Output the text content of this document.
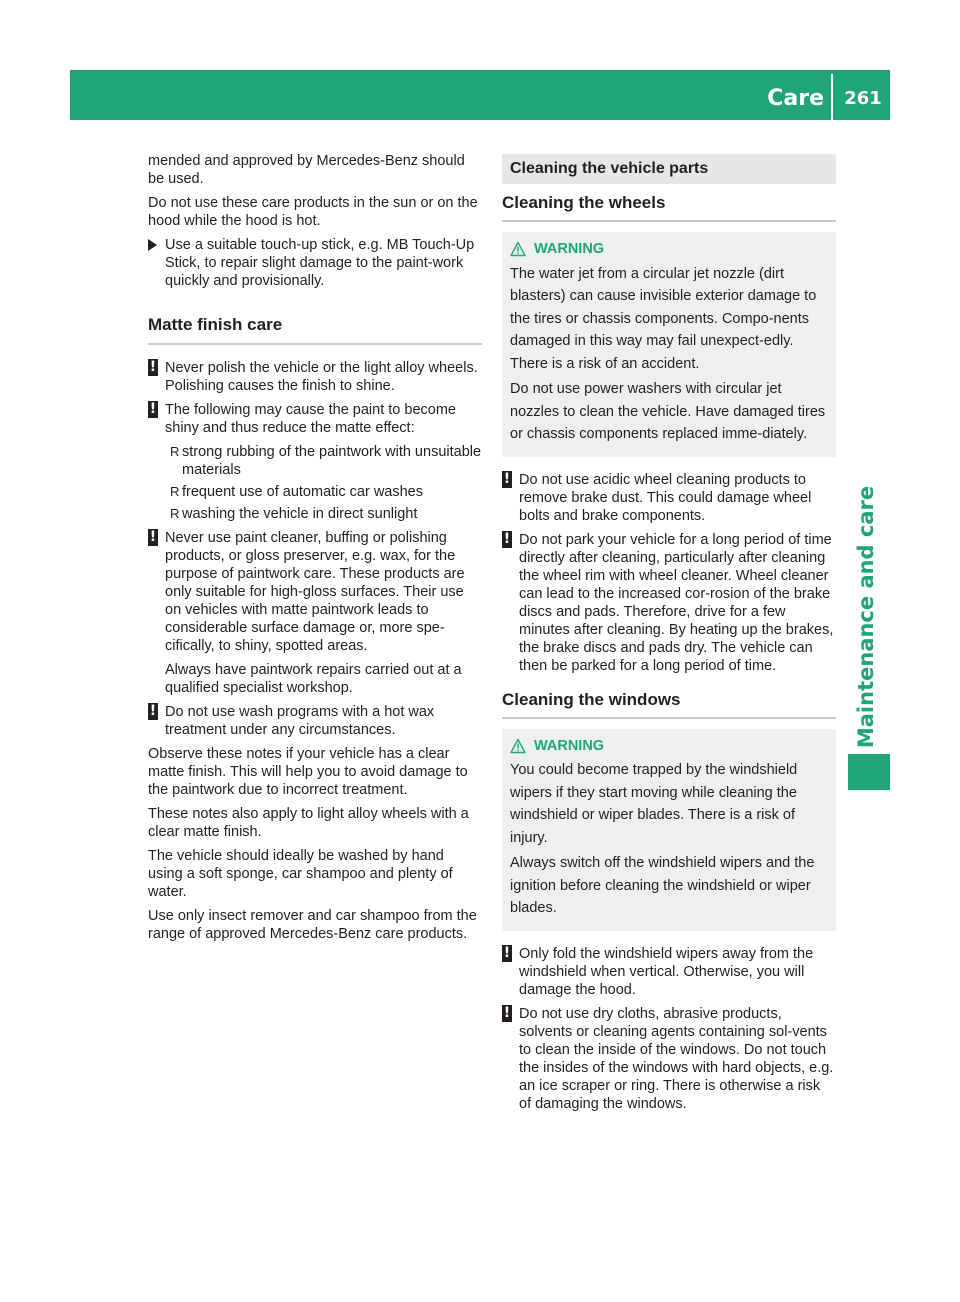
Care	261
Maintenance and care

mended and approved by Mercedes-Benz should be used.

Do not use these care products in the sun or on the hood while the hood is hot.

Use a suitable touch-up stick, e.g. MB Touch-Up Stick, to repair slight damage to the paint-work quickly and provisionally.
Matte finish care
! Never polish the vehicle or the light alloy wheels. Polishing causes the finish to shine.
! The following may cause the paint to become shiny and thus reduce the matte effect:
R strong rubbing of the paintwork with unsuitable materials
R frequent use of automatic car washes
R washing the vehicle in direct sunlight
! Never use paint cleaner, buffing or polishing products, or gloss preserver, e.g. wax, for the purpose of paintwork care. These products are only suitable for high-gloss surfaces. Their use on vehicles with matte paintwork leads to considerable surface damage or, more spe-cifically, to shiny, spotted areas.
Always have paintwork repairs carried out at a qualified specialist workshop.
! Do not use wash programs with a hot wax treatment under any circumstances.

Observe these notes if your vehicle has a clear matte finish. This will help you to avoid damage to the paintwork due to incorrect treatment.

These notes also apply to light alloy wheels with a clear matte finish.

The vehicle should ideally be washed by hand using a soft sponge, car shampoo and plenty of water.

Use only insect remover and car shampoo from the range of approved Mercedes-Benz care products.

Cleaning the vehicle parts
Cleaning the wheels
WARNING

The water jet from a circular jet nozzle (dirt blasters) can cause invisible exterior damage to the tires or chassis components. Compo-nents damaged in this way may fail unexpect-edly. There is a risk of an accident.

Do not use power washers with circular jet nozzles to clean the vehicle. Have damaged tires or chassis components replaced imme-diately.

! Do not use acidic wheel cleaning products to remove brake dust. This could damage wheel bolts and brake components.
! Do not park your vehicle for a long period of time directly after cleaning, particularly after cleaning the wheel rim with wheel cleaner. Wheel cleaner can lead to the increased cor-rosion of the brake discs and pads. Therefore, drive for a few minutes after cleaning. By heating up the brakes, the brake discs and pads dry. The vehicle can then be parked for a long period of time.
Cleaning the windows
WARNING

You could become trapped by the windshield wipers if they start moving while cleaning the windshield or wiper blades. There is a risk of injury.

Always switch off the windshield wipers and the ignition before cleaning the windshield or wiper blades.

! Only fold the windshield wipers away from the windshield when vertical. Otherwise, you will damage the hood.
! Do not use dry cloths, abrasive products, solvents or cleaning agents containing sol-vents to clean the inside of the windows. Do not touch the insides of the windows with hard objects, e.g. an ice scraper or ring. There is otherwise a risk of damaging the windows.
